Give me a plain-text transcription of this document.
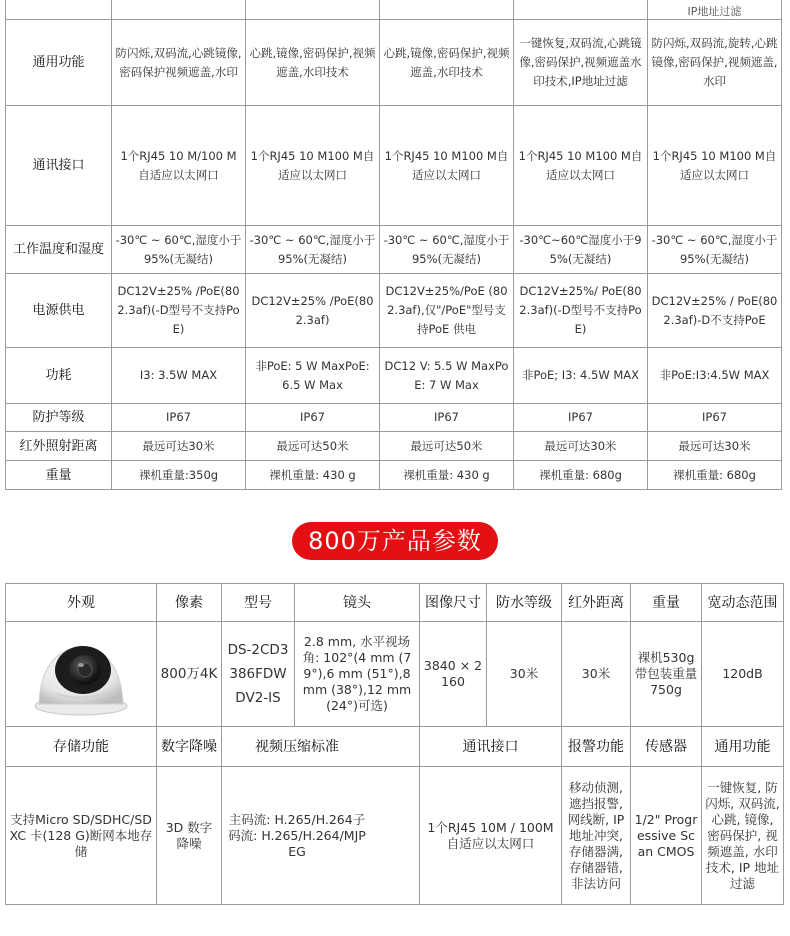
					IP地址过滤
通用功能	防闪烁,双码流,心跳镜像,密码保护视频遮盖,水印	心跳,镜像,密码保护,视频遮盖,水印技术	心跳,镜像,密码保护,视频遮盖,水印技术	一键恢复,双码流,心跳镜像,密码保护,视频遮盖水印技术,IP地址过滤	防闪烁,双码流,旋转,心跳镜像,密码保护,视频遮盖,水印
通讯接口	1个RJ45 10 M/100 M自适应以太网口	1个RJ45 10 M100 M自适应以太网口	1个RJ45 10 M100 M自适应以太网口	1个RJ45 10 M100 M自适应以太网口	1个RJ45 10 M100 M自适应以太网口
工作温度和湿度	-30℃ ~ 60℃,湿度小于95%(无凝结)	-30℃ ~ 60℃,湿度小于95%(无凝结)	-30℃ ~ 60℃,湿度小于95%(无凝结)	-30℃~60℃湿度小于95%(无凝结)	-30℃ ~ 60℃,湿度小于95%(无凝结)
电源供电	DC12V±25% /PoE(802.3af)(-D型号不支持PoE)	DC12V±25% /PoE(802.3af)	DC12V±25%/PoE (802.3af),仅"/PoE"型号支持PoE 供电	DC12V±25%/ PoE(802.3af)(-D型号不支持PoE)	DC12V±25% / PoE(802.3af)-D不支持PoE
功耗	I3: 3.5W MAX	非PoE: 5 W MaxPoE: 6.5 W Max	DC12 V: 5.5 W MaxPoE: 7 W Max	非PoE; I3: 4.5W MAX	非PoE:I3:4.5W MAX
防护等级	IP67	IP67	IP67	IP67	IP67
红外照射距离	最远可达30米	最远可达50米	最远可达50米	最远可达30米	最远可达30米
重量	裸机重量:350g	裸机重量: 430 g	裸机重量: 430 g	裸机重量: 680g	裸机重量: 680g
800万产品参数
外观	像素	型号	镜头	图像尺寸	防水等级	红外距离	重量	宽动态范围

	800万4K	DS-2CD3386FDWDV2-IS	2.8 mm, 水平视场角: 102°(4 mm (79°),6 mm (51°),8 mm (38°),12 mm (24°)可选)	3840 × 2160	30米	30米	裸机530g带包装重量750g	120dB
存储功能	数字降噪	视频压缩标准		通讯接口		报警功能	传感器	通用功能
支持Micro SD/SDHC/SDXC 卡(128 G)断网本地存储	3D 数字降噪	主码流: H.265/H.264子码流: H.265/H.264/MJPEG		1个RJ45 10M / 100M 自适应以太网口		移动侦测, 遮挡报警, 网线断, IP 地址冲突, 存储器满, 存储器错, 非法访问	1/2" Progressive Scan CMOS	一键恢复, 防闪烁, 双码流, 心跳, 镜像, 密码保护, 视频遮盖, 水印技术, IP 地址过滤
